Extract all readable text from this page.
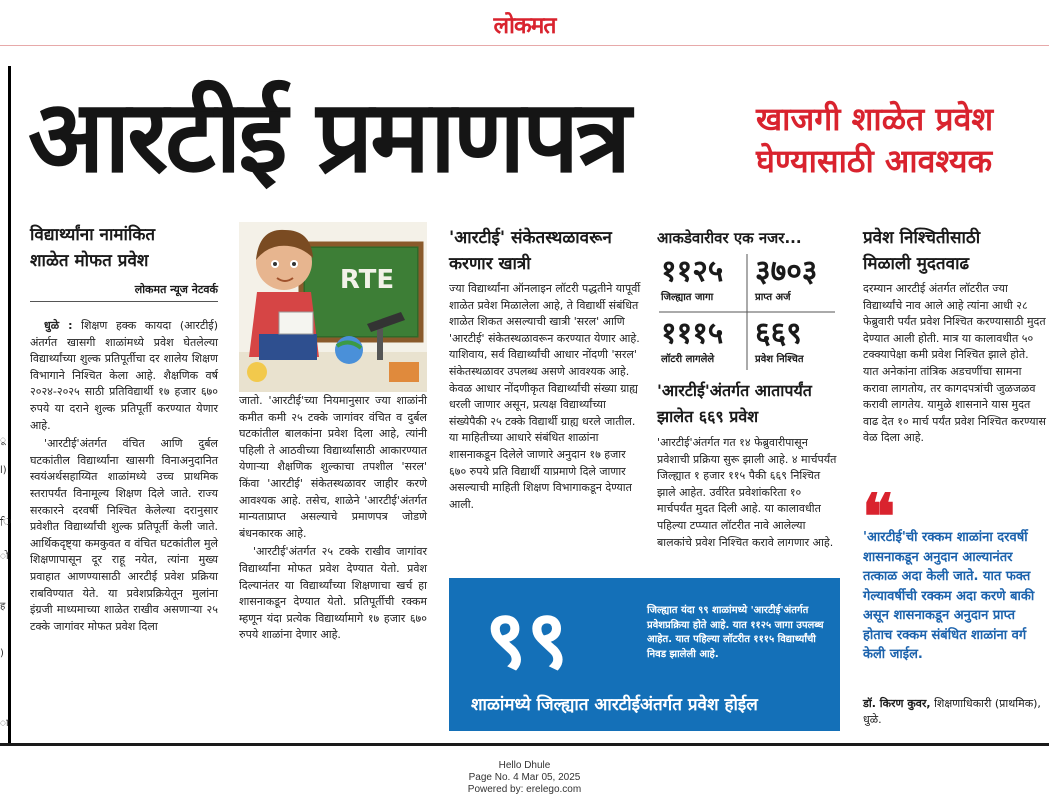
लोकमत
ू
l)
ਿ
ो
ह
)
ा
आरटीई प्रमाणपत्र	खाजगी शाळेत प्रवेश
घेण्यासाठी आवश्यक
विद्यार्थ्यांना नामांकित
शाळेत मोफत प्रवेश
लोकमत न्यूज नेटवर्क

धुळे : शिक्षण हक्क कायदा (आरटीई) अंतर्गत खासगी शाळांमध्ये प्रवेश घेतलेल्या विद्यार्थ्यांच्या शुल्क प्रतिपूर्तीचा दर शालेय शिक्षण विभागाने निश्चित केला आहे. शैक्षणिक वर्ष २०२४-२०२५ साठी प्रतिविद्यार्थी १७ हजार ६७० रुपये या दराने शुल्क प्रतिपूर्ती करण्यात येणार आहे.

'आरटीई'अंतर्गत वंचित आणि दुर्बल घटकांतील विद्यार्थ्यांना खासगी विनाअनुदानित स्वयंअर्थसहाय्यित शाळांमध्ये उच्च प्राथमिक स्तरापर्यंत विनामूल्य शिक्षण दिले जाते. राज्य सरकारने दरवर्षी निश्चित केलेल्या दरानुसार प्रवेशीत विद्यार्थ्यांची शुल्क प्रतिपूर्ती केली जाते. आर्थिकदृष्ट्या कमकुवत व वंचित घटकांतील मुले शिक्षणापासून दूर राहू नयेत, त्यांना मुख्य प्रवाहात आणण्यासाठी आरटीई प्रवेश प्रक्रिया राबविण्यात येते. या प्रवेशप्रक्रियेतून मुलांना इंग्रजी माध्यमाच्या शाळेत राखीव असणाऱ्या २५ टक्के जागांवर मोफत प्रवेश दिला

RTE

जातो. 'आरटीई'च्या नियमानुसार ज्या शाळांनी कमीत कमी २५ टक्के जागांवर वंचित व दुर्बल घटकांतील बालकांना प्रवेश दिला आहे, त्यांनी पहिली ते आठवीच्या विद्यार्थ्यांसाठी आकारण्यात येणाऱ्या शैक्षणिक शुल्काचा तपशील 'सरल' किंवा 'आरटीई' संकेतस्थळावर जाहीर करणे आवश्यक आहे. तसेच, शाळेने 'आरटीई'अंतर्गत मान्यताप्राप्त असल्याचे प्रमाणपत्र जोडणे बंधनकारक आहे.

'आरटीई'अंतर्गत २५ टक्के राखीव जागांवर विद्यार्थ्यांना मोफत प्रवेश देण्यात येतो. प्रवेश दिल्यानंतर या विद्यार्थ्यांच्या शिक्षणाचा खर्च हा शासनाकडून देण्यात येतो. प्रतिपूर्तीची रक्कम म्हणून यंदा प्रत्येक विद्यार्थ्यामागे १७ हजार ६७० रुपये शाळांना देणार आहे.

'आरटीई' संकेतस्थळावरून
करणार खात्री

ज्या विद्यार्थ्यांना ऑनलाइन लॉटरी पद्धतीने यापूर्वी शाळेत प्रवेश मिळालेला आहे, ते विद्यार्थी संबंधित शाळेत शिकत असल्याची खात्री 'सरल' आणि 'आरटीई' संकेतस्थळावरून करण्यात येणार आहे. याशिवाय, सर्व विद्यार्थ्यांची आधार नोंदणी 'सरल' संकेतस्थळावर उपलब्ध असणे आवश्यक आहे. केवळ आधार नोंदणीकृत विद्यार्थ्यांची संख्या ग्राह्य धरली जाणार असून, प्रत्यक्ष विद्यार्थ्यांच्या संख्येपैकी २५ टक्के विद्यार्थी ग्राह्य धरले जातील. या माहितीच्या आधारे संबंधित शाळांना शासनाकडून दिलेले जाणारे अनुदान १७ हजार ६७० रुपये प्रति विद्यार्थी याप्रमाणे दिले जाणार असल्याची माहिती शिक्षण विभागाकडून देण्यात आली.

आकडेवारीवर एक नजर...
११२५
जिल्ह्यात जागा
३७०३
प्राप्त अर्ज
१११५
लॉटरी लागलेले
६६९
प्रवेश निश्चित
'आरटीई'अंतर्गत आतापर्यंत
झालेत ६६९ प्रवेश

'आरटीई'अंतर्गत गत १४ फेब्रुवारीपासून प्रवेशाची प्रक्रिया सुरू झाली आहे. ४ मार्चपर्यंत जिल्ह्यात १ हजार ११५ पैकी ६६९ निश्चित झाले आहेत. उर्वरित प्रवेशांकरिता १० मार्चपर्यंत मुदत दिली आहे. या कालावधीत पहिल्या टप्प्यात लॉटरीत नावे आलेल्या बालकांचे प्रवेश निश्चित करावे लागणार आहे.

९९	जिल्ह्यात यंदा ९९ शाळांमध्ये 'आरटीई'अंतर्गत प्रवेशप्रक्रिया होते आहे. यात ११२५ जागा उपलब्ध आहेत. यात पहिल्या लॉटरीत १११५ विद्यार्थ्यांची निवड झालेली आहे.
शाळांमध्ये जिल्ह्यात आरटीईअंतर्गत प्रवेश होईल
प्रवेश निश्चितीसाठी
मिळाली मुदतवाढ

दरम्यान आरटीई अंतर्गत लॉटरीत ज्या विद्यार्थ्यांचे नाव आले आहे त्यांना आधी २८ फेब्रुवारी पर्यंत प्रवेश निश्चित करण्यासाठी मुदत देण्यात आली होती. मात्र या कालावधीत ५० टक्क्यापेक्षा कमी प्रवेश निश्चित झाले होते. यात अनेकांना तांत्रिक अडचणींचा सामना करावा लागतोय, तर कागदपत्रांची जुळजळव करावी लागतेय. यामुळे शासनाने यास मुदत वाढ देत १० मार्च पर्यंत प्रवेश निश्चित करण्यास वेळ दिला आहे.

❝
'आरटीई'ची रक्कम शाळांना दरवर्षी शासनाकडून अनुदान आल्यानंतर तत्काळ अदा केली जाते. यात फक्त गेल्यावर्षीची रक्कम अदा करणे बाकी असून शासनाकडून अनुदान प्राप्त होताच रक्कम संबंधित शाळांना वर्ग केली जाईल.
डॉ. किरण कुवर, शिक्षणाधिकारी (प्राथमिक), धुळे.
Hello Dhule
Page No. 4 Mar 05, 2025
Powered by: erelego.com
